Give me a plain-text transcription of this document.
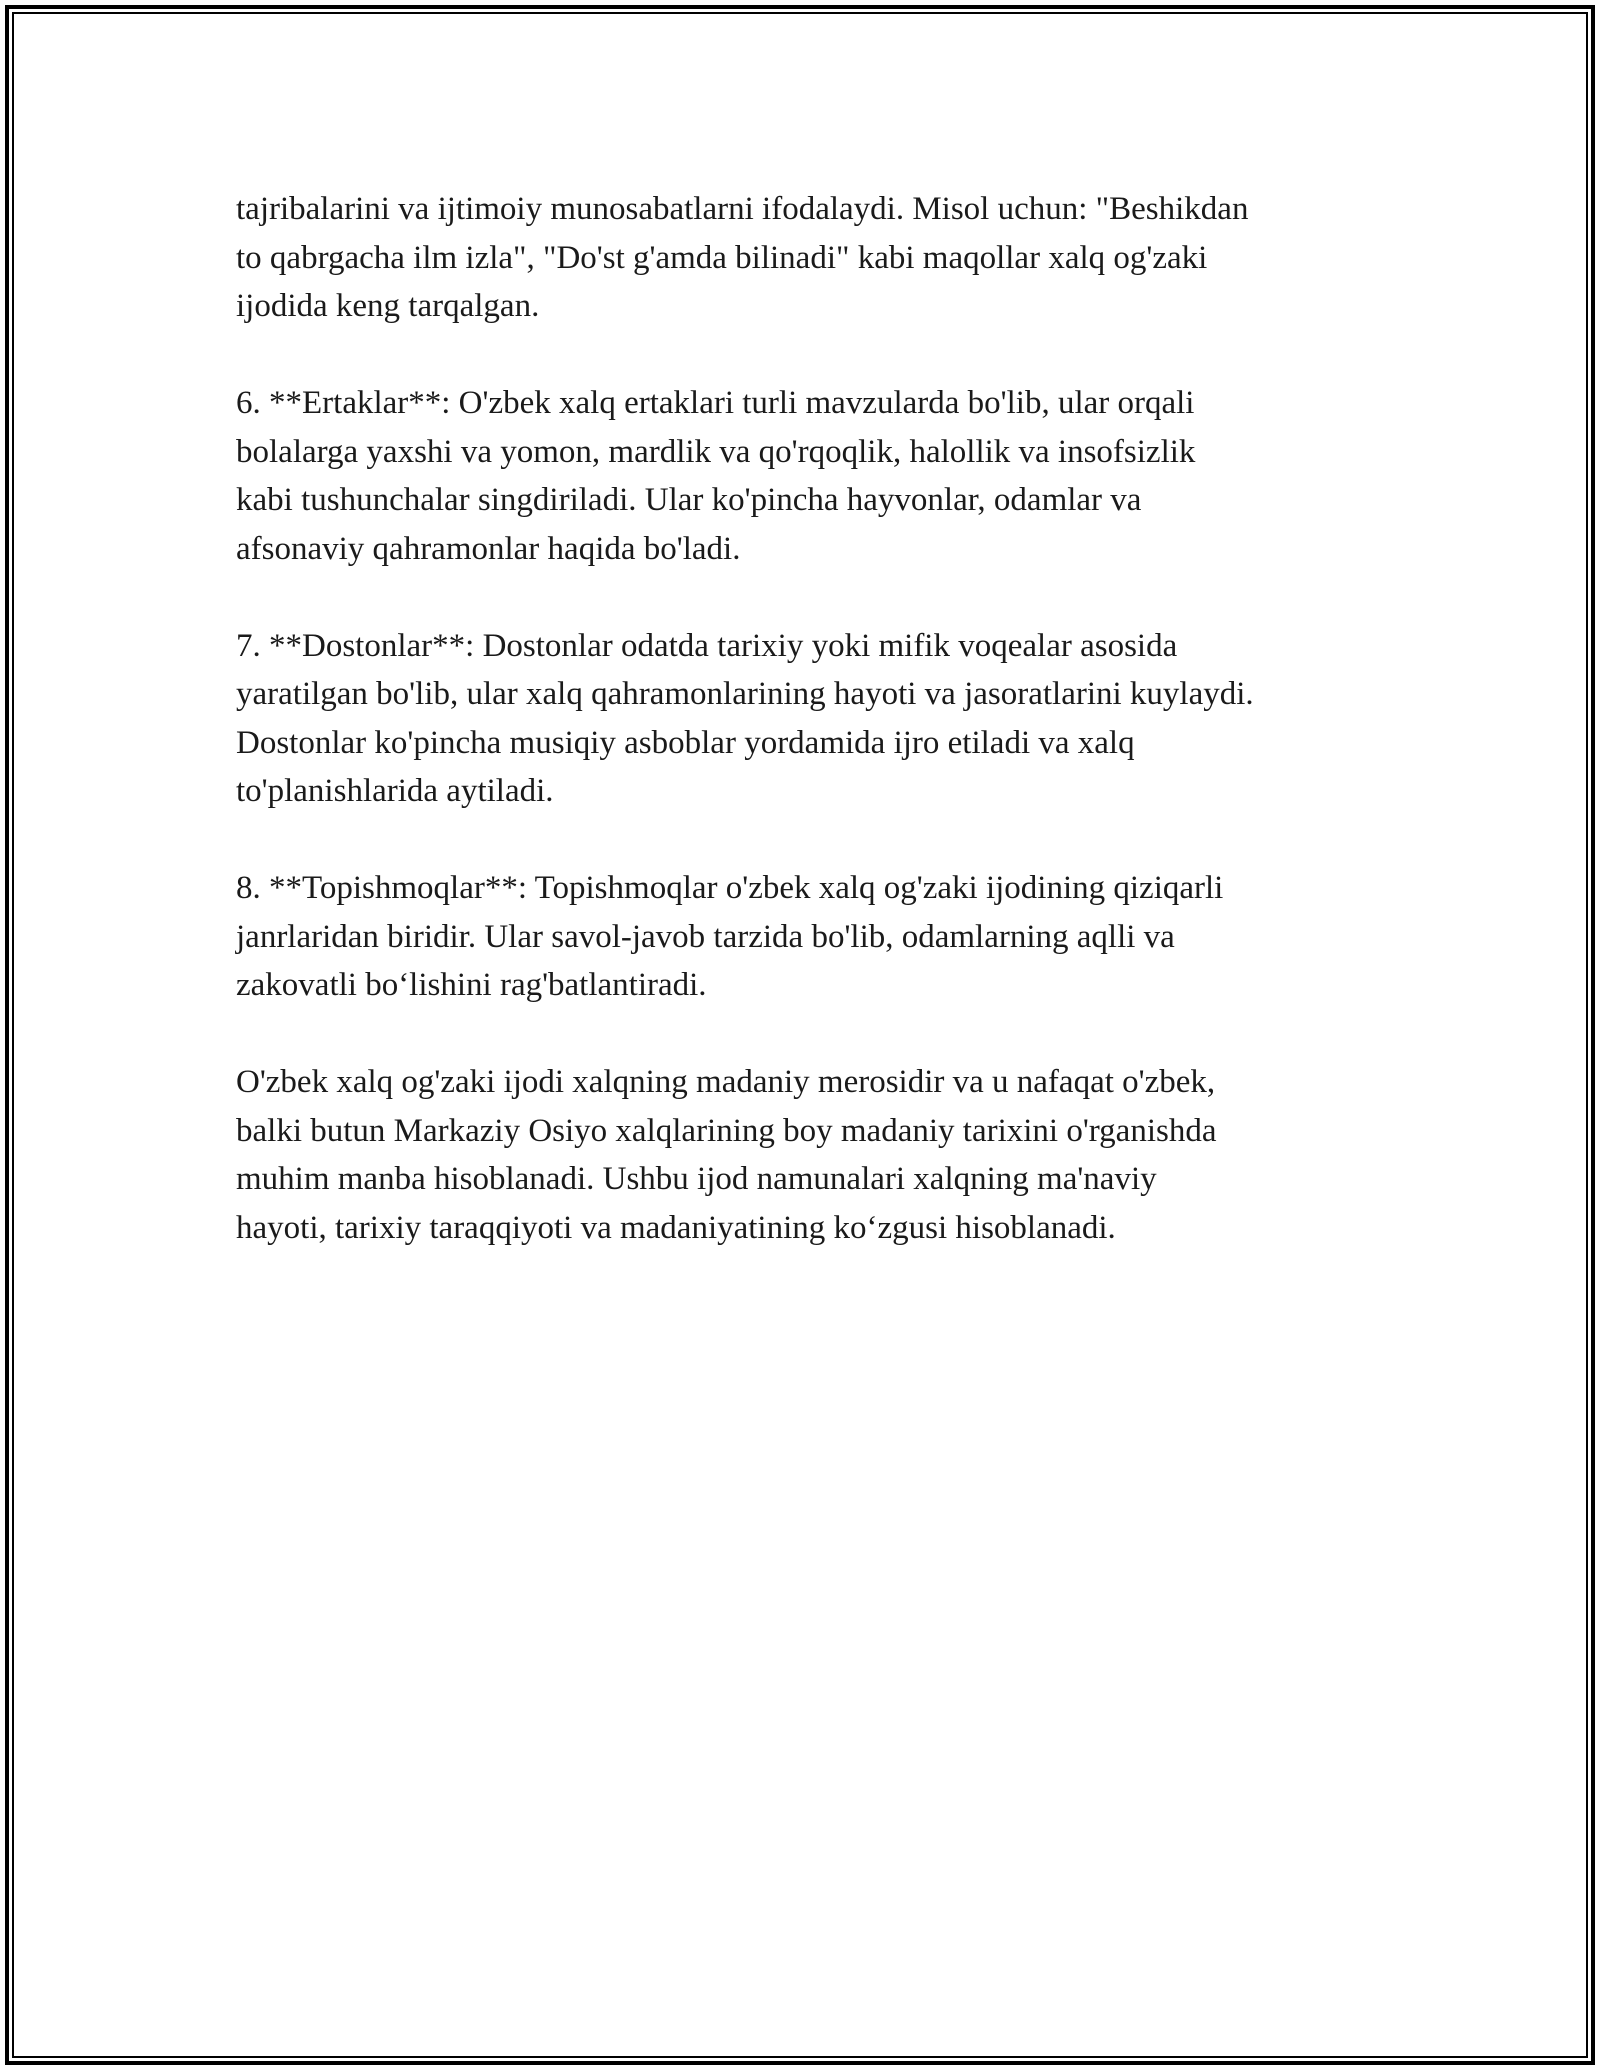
tajribalarini va ijtimoiy munosabatlarni ifodalaydi. Misol uchun: "Beshikdan
to qabrgacha ilm izla", "Do'st g'amda bilinadi" kabi maqollar xalq og'zaki
ijodida keng tarqalgan.

6. **Ertaklar**: O'zbek xalq ertaklari turli mavzularda bo'lib, ular orqali
bolalarga yaxshi va yomon, mardlik va qo'rqoqlik, halollik va insofsizlik
kabi tushunchalar singdiriladi. Ular ko'pincha hayvonlar, odamlar va
afsonaviy qahramonlar haqida bo'ladi.

7. **Dostonlar**: Dostonlar odatda tarixiy yoki mifik voqealar asosida
yaratilgan bo'lib, ular xalq qahramonlarining hayoti va jasoratlarini kuylaydi.
Dostonlar ko'pincha musiqiy asboblar yordamida ijro etiladi va xalq
to'planishlarida aytiladi.

8. **Topishmoqlar**: Topishmoqlar o'zbek xalq og'zaki ijodining qiziqarli
janrlaridan biridir. Ular savol-javob tarzida bo'lib, odamlarning aqlli va
zakovatli bo‘lishini rag'batlantiradi.

O'zbek xalq og'zaki ijodi xalqning madaniy merosidir va u nafaqat o'zbek,
balki butun Markaziy Osiyo xalqlarining boy madaniy tarixini o'rganishda
muhim manba hisoblanadi. Ushbu ijod namunalari xalqning ma'naviy
hayoti, tarixiy taraqqiyoti va madaniyatining ko‘zgusi hisoblanadi.
